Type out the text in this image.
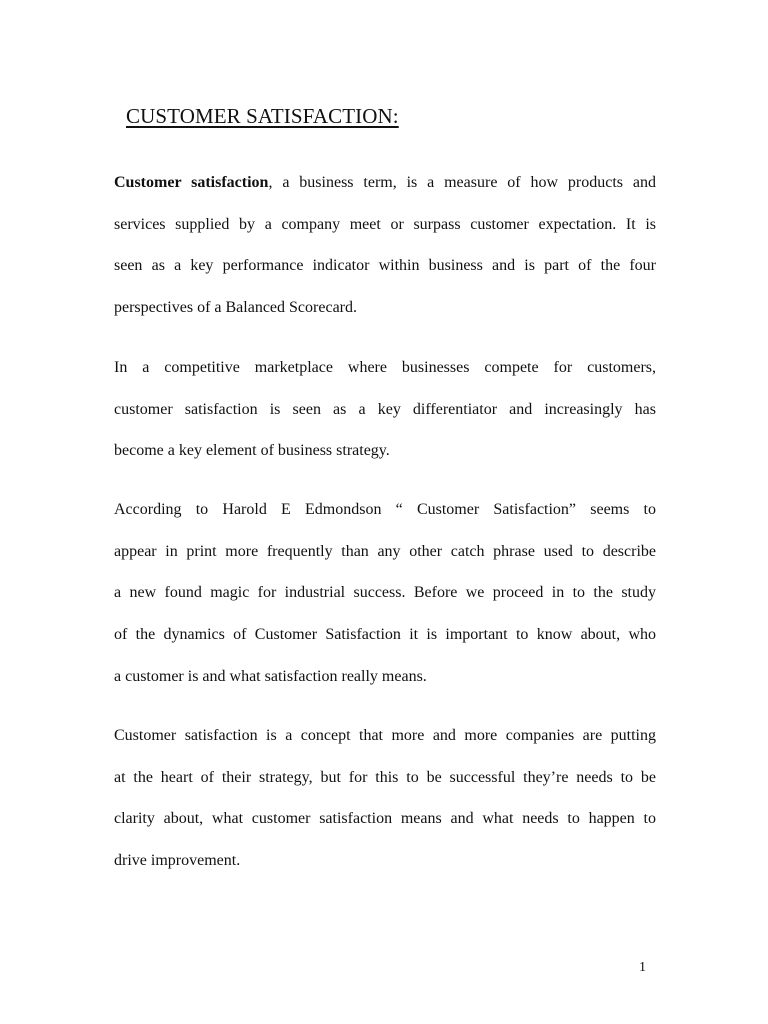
CUSTOMER SATISFACTION:

Customer satisfaction, a business term, is a measure of how products and
services supplied by a company meet or surpass customer expectation. It is
seen as a key performance indicator within business and is part of the four
perspectives of a Balanced Scorecard.

In a competitive marketplace where businesses compete for customers,
customer satisfaction is seen as a key differentiator and increasingly has
become a key element of business strategy.

According to Harold E Edmondson “ Customer Satisfaction” seems to
appear in print more frequently than any other catch phrase used to describe
a new found magic for industrial success. Before we proceed in to the study
of the dynamics of Customer Satisfaction it is important to know about, who
a customer is and what satisfaction really means.

Customer satisfaction is a concept that more and more companies are putting
at the heart of their strategy, but for this to be successful they’re needs to be
clarity about, what customer satisfaction means and what needs to happen to
drive improvement.

1
